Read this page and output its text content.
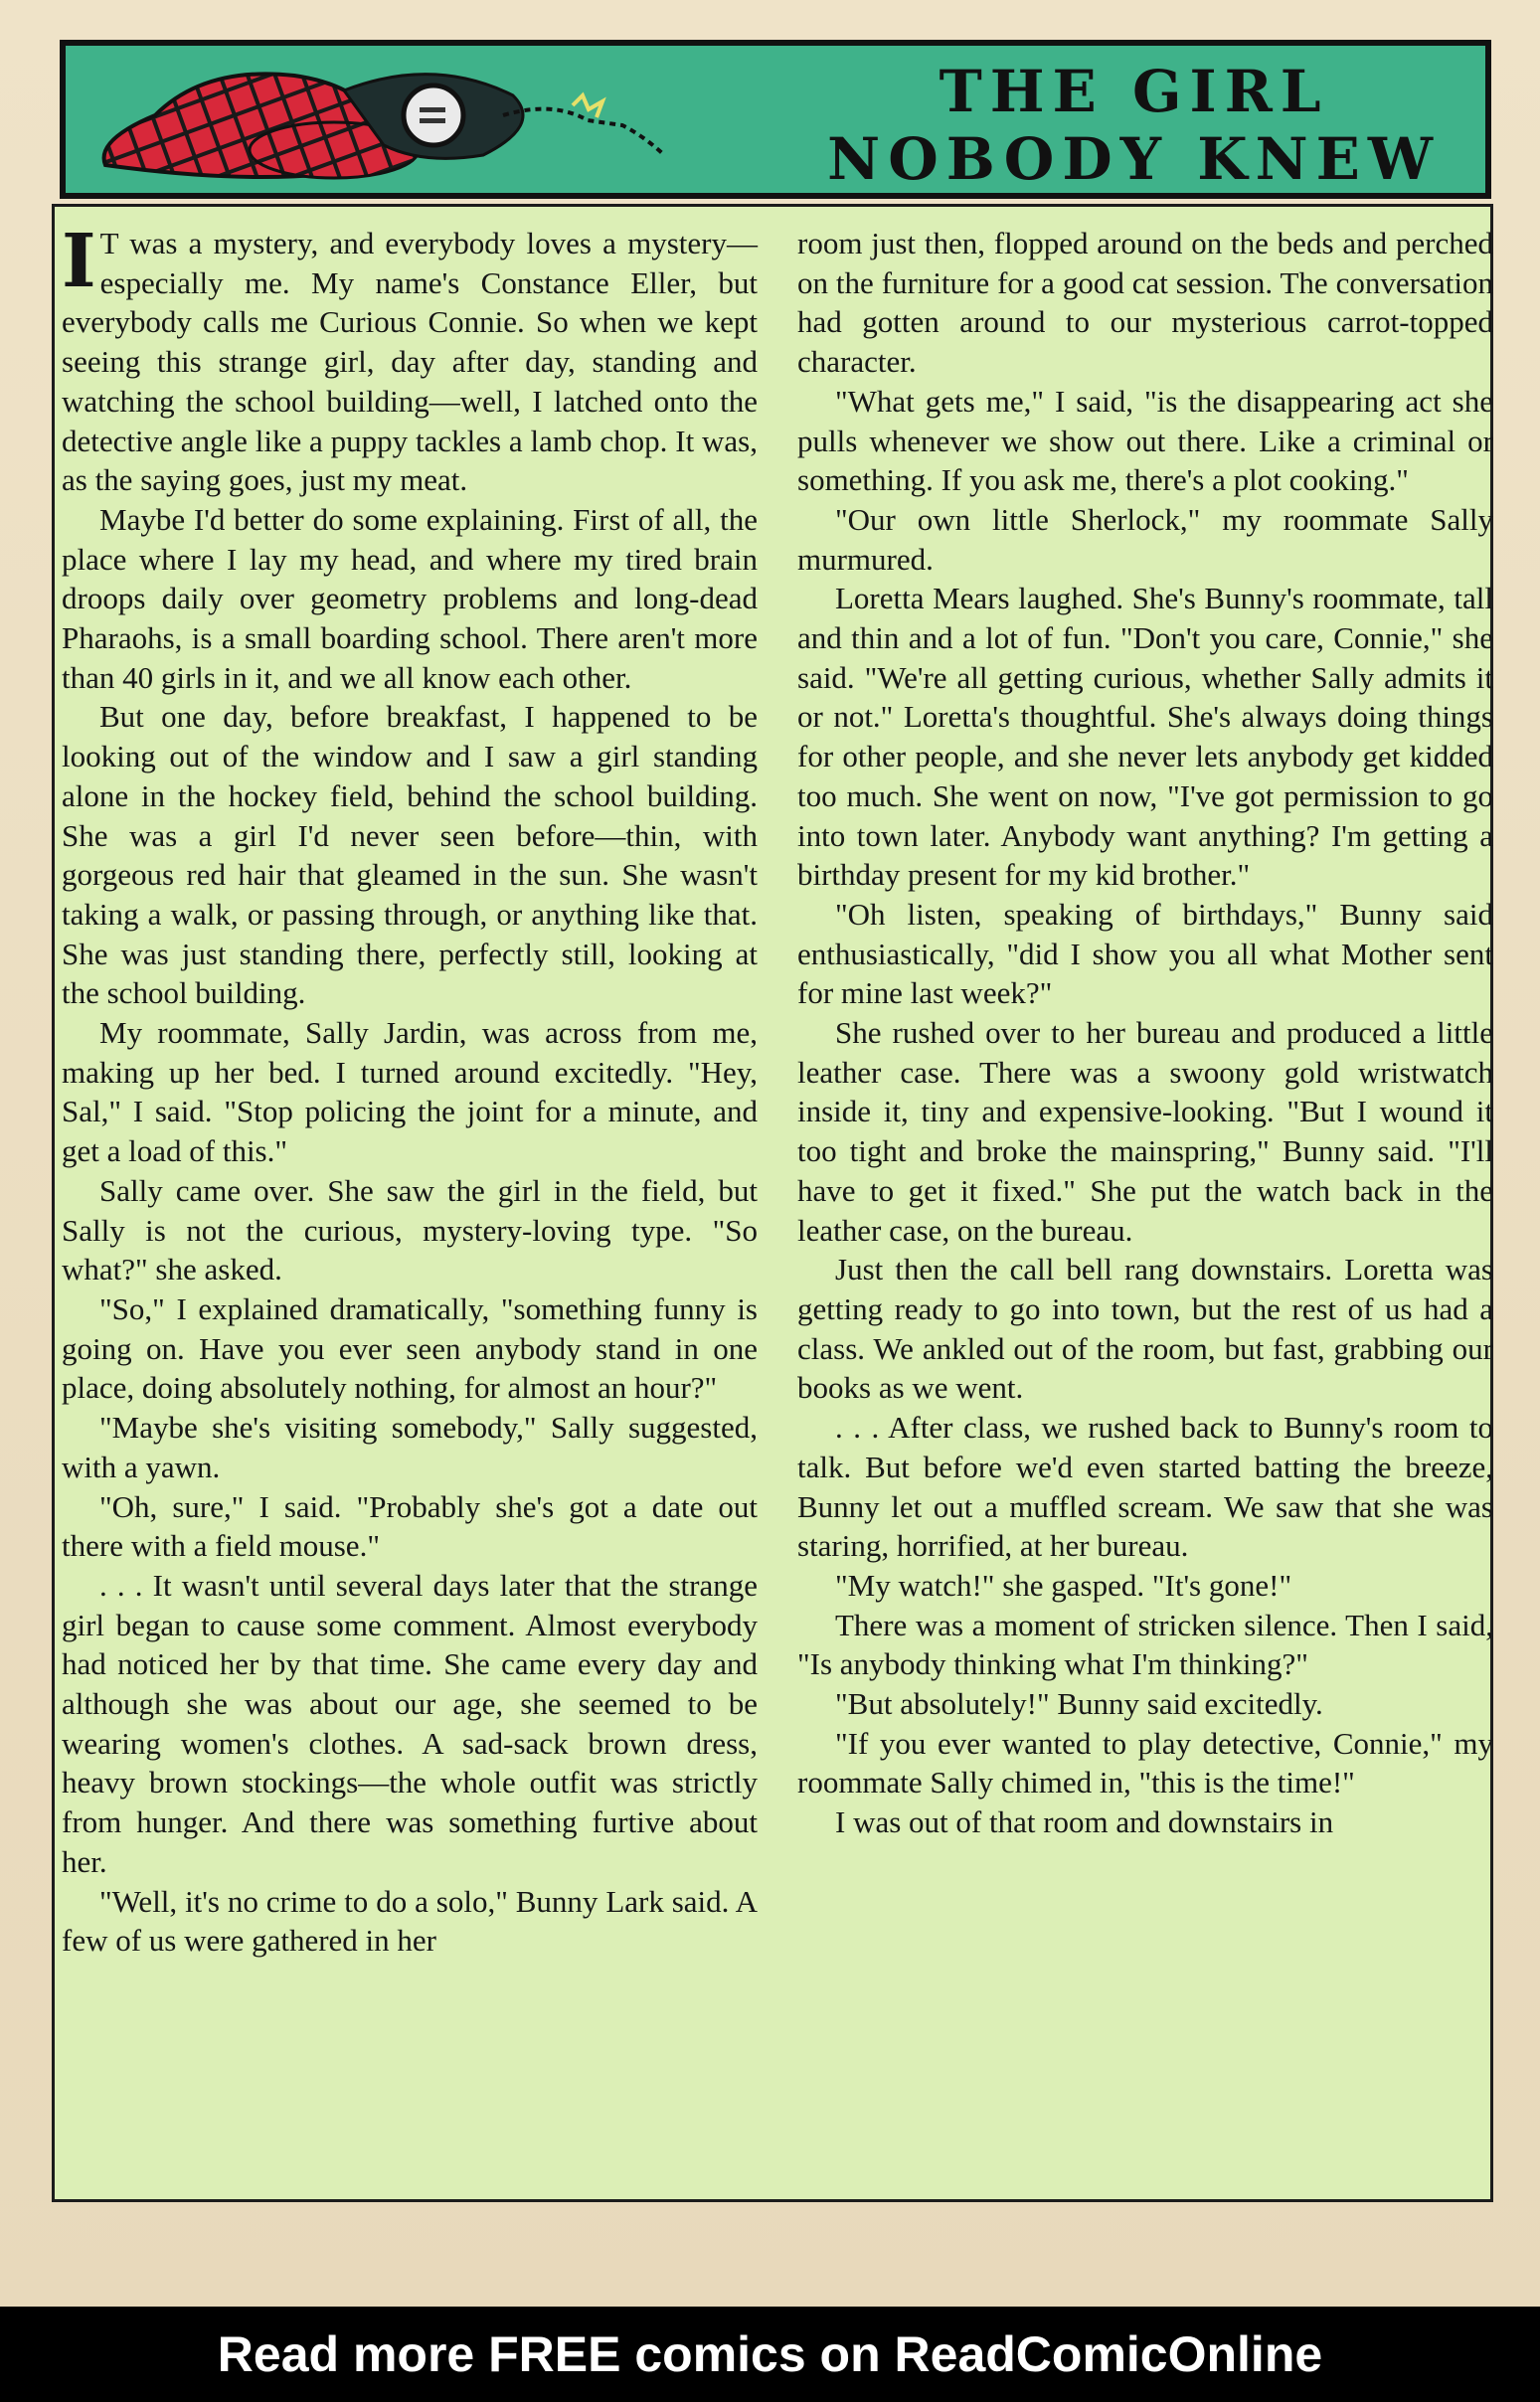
THE GIRL
NOBODY KNEW

I T was a mystery, and everybody loves a mystery—especially me. My name's Constance Eller, but everybody calls me Curious Connie. So when we kept seeing this strange girl, day after day, standing and watching the school building—well, I latched onto the detective angle like a puppy tackles a lamb chop. It was, as the saying goes, just my meat.

Maybe I'd better do some explaining. First of all, the place where I lay my head, and where my tired brain droops daily over geometry problems and long-dead Pharaohs, is a small boarding school. There aren't more than 40 girls in it, and we all know each other.

But one day, before breakfast, I happened to be looking out of the window and I saw a girl standing alone in the hockey field, behind the school building. She was a girl I'd never seen before—thin, with gorgeous red hair that gleamed in the sun. She wasn't taking a walk, or passing through, or anything like that. She was just standing there, perfectly still, looking at the school building.

My roommate, Sally Jardin, was across from me, making up her bed. I turned around excitedly. "Hey, Sal," I said. "Stop policing the joint for a minute, and get a load of this."

Sally came over. She saw the girl in the field, but Sally is not the curious, mystery-loving type. "So what?" she asked.

"So," I explained dramatically, "something funny is going on. Have you ever seen anybody stand in one place, doing absolutely nothing, for almost an hour?"

"Maybe she's visiting somebody," Sally suggested, with a yawn.

"Oh, sure," I said. "Probably she's got a date out there with a field mouse."

. . . It wasn't until several days later that the strange girl began to cause some comment. Almost everybody had noticed her by that time. She came every day and although she was about our age, she seemed to be wearing women's clothes. A sad-sack brown dress, heavy brown stockings—the whole outfit was strictly from hunger. And there was something furtive about her.

"Well, it's no crime to do a solo," Bunny Lark said. A few of us were gathered in her

room just then, flopped around on the beds and perched on the furniture for a good cat session. The conversation had gotten around to our mysterious carrot-topped character.

"What gets me," I said, "is the disappearing act she pulls whenever we show out there. Like a criminal or something. If you ask me, there's a plot cooking."

"Our own little Sherlock," my roommate Sally murmured.

Loretta Mears laughed. She's Bunny's roommate, tall and thin and a lot of fun. "Don't you care, Connie," she said. "We're all getting curious, whether Sally admits it or not." Loretta's thoughtful. She's always doing things for other people, and she never lets anybody get kidded too much. She went on now, "I've got permission to go into town later. Anybody want anything? I'm getting a birthday present for my kid brother."

"Oh listen, speaking of birthdays," Bunny said enthusiastically, "did I show you all what Mother sent for mine last week?"

She rushed over to her bureau and produced a little leather case. There was a swoony gold wristwatch inside it, tiny and expensive-looking. "But I wound it too tight and broke the mainspring," Bunny said. "I'll have to get it fixed." She put the watch back in the leather case, on the bureau.

Just then the call bell rang downstairs. Loretta was getting ready to go into town, but the rest of us had a class. We ankled out of the room, but fast, grabbing our books as we went.

. . . After class, we rushed back to Bunny's room to talk. But before we'd even started batting the breeze, Bunny let out a muffled scream. We saw that she was staring, horrified, at her bureau.

"My watch!" she gasped. "It's gone!"

There was a moment of stricken silence. Then I said, "Is anybody thinking what I'm thinking?"

"But absolutely!" Bunny said excitedly.

"If you ever wanted to play detective, Connie," my roommate Sally chimed in, "this is the time!"

I was out of that room and downstairs in

Read more FREE comics on ReadComicOnline
